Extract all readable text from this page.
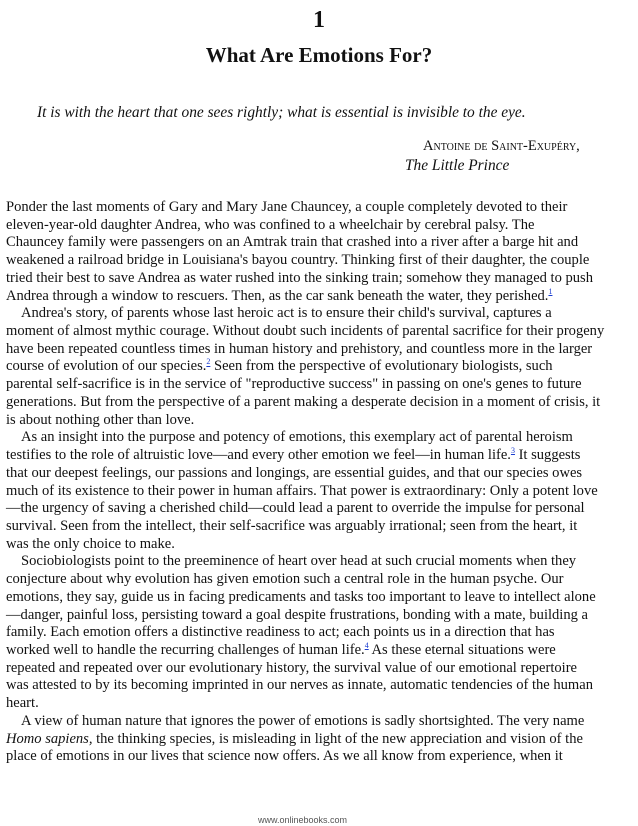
1
What Are Emotions For?

It is with the heart that one sees rightly; what is essential is invisible to the eye.

Antoine de Saint-Exupéry,
The Little Prince

Ponder the last moments of Gary and Mary Jane Chauncey, a couple completely devoted to their
eleven-year-old daughter Andrea, who was confined to a wheelchair by cerebral palsy. The
Chauncey family were passengers on an Amtrak train that crashed into a river after a barge hit and
weakened a railroad bridge in Louisiana's bayou country. Thinking first of their daughter, the couple
tried their best to save Andrea as water rushed into the sinking train; somehow they managed to push
Andrea through a window to rescuers. Then, as the car sank beneath the water, they perished.$^1$

Andrea's story, of parents whose last heroic act is to ensure their child's survival, captures a
moment of almost mythic courage. Without doubt such incidents of parental sacrifice for their progeny
have been repeated countless times in human history and prehistory, and countless more in the larger
course of evolution of our species.$^2$ Seen from the perspective of evolutionary biologists, such
parental self-sacrifice is in the service of "reproductive success" in passing on one's genes to future
generations. But from the perspective of a parent making a desperate decision in a moment of crisis, it
is about nothing other than love.

As an insight into the purpose and potency of emotions, this exemplary act of parental heroism
testifies to the role of altruistic love—and every other emotion we feel—in human life.$^3$ It suggests
that our deepest feelings, our passions and longings, are essential guides, and that our species owes
much of its existence to their power in human affairs. That power is extraordinary: Only a potent love
—the urgency of saving a cherished child—could lead a parent to override the impulse for personal
survival. Seen from the intellect, their self-sacrifice was arguably irrational; seen from the heart, it
was the only choice to make.

Sociobiologists point to the preeminence of heart over head at such crucial moments when they
conjecture about why evolution has given emotion such a central role in the human psyche. Our
emotions, they say, guide us in facing predicaments and tasks too important to leave to intellect alone
—danger, painful loss, persisting toward a goal despite frustrations, bonding with a mate, building a
family. Each emotion offers a distinctive readiness to act; each points us in a direction that has
worked well to handle the recurring challenges of human life.$^4$ As these eternal situations were
repeated and repeated over our evolutionary history, the survival value of our emotional repertoire
was attested to by its becoming imprinted in our nerves as innate, automatic tendencies of the human
heart.

A view of human nature that ignores the power of emotions is sadly shortsighted. The very name
Homo sapiens, the thinking species, is misleading in light of the new appreciation and vision of the
place of emotions in our lives that science now offers. As we all know from experience, when it

www.onlinebooks.com
